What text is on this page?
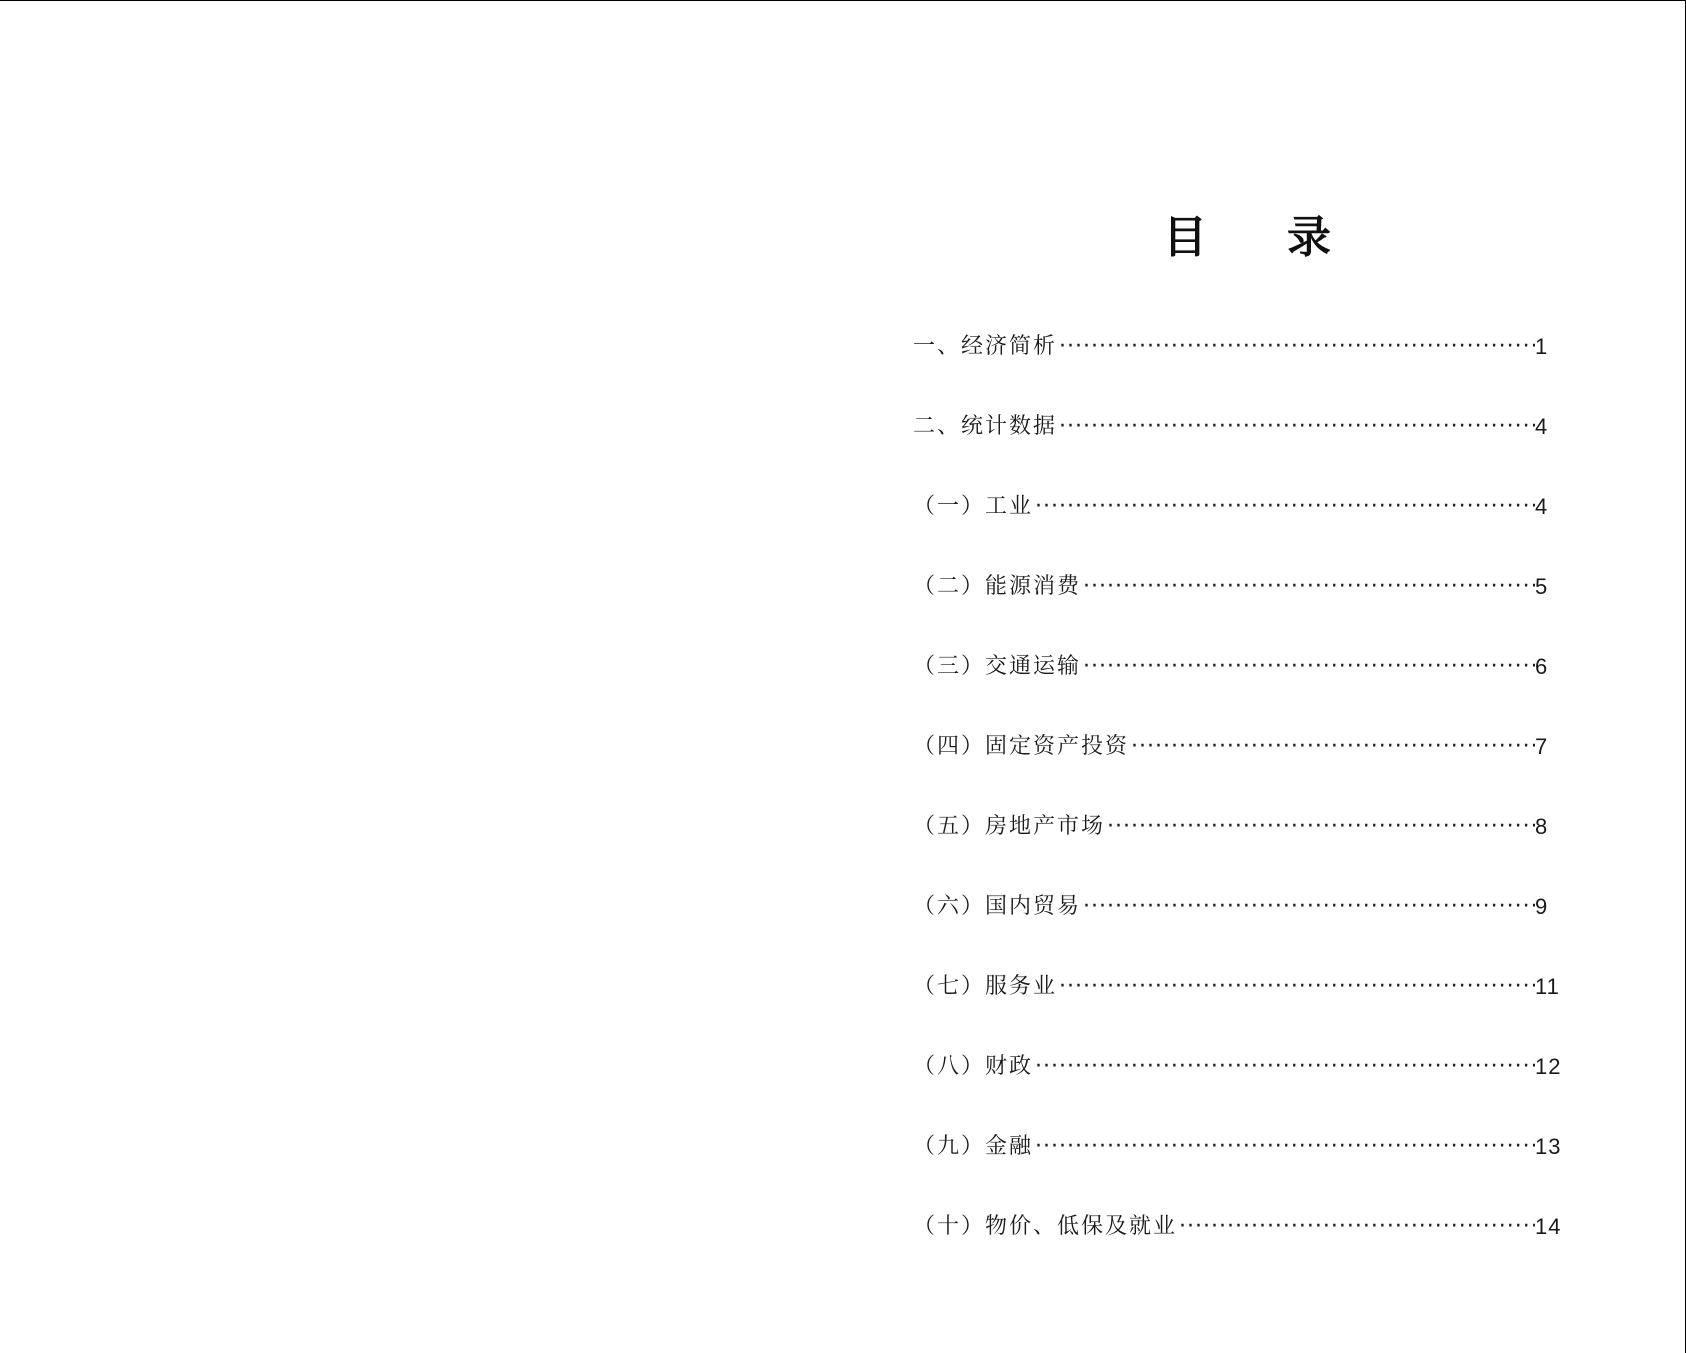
目 录
一、经济简析 ·····	1
二、统计数据 ·····	4
（一）工业 ·····	4
（二）能源消费 ·····	5
（三）交通运输 ·····	6
（四）固定资产投资 ·····	7
（五）房地产市场 ·····	8
（六）国内贸易 ·····	9
（七）服务业 ·····	11
（八）财政 ·····	12
（九）金融 ·····	13
（十）物价、低保及就业 ·····	14
